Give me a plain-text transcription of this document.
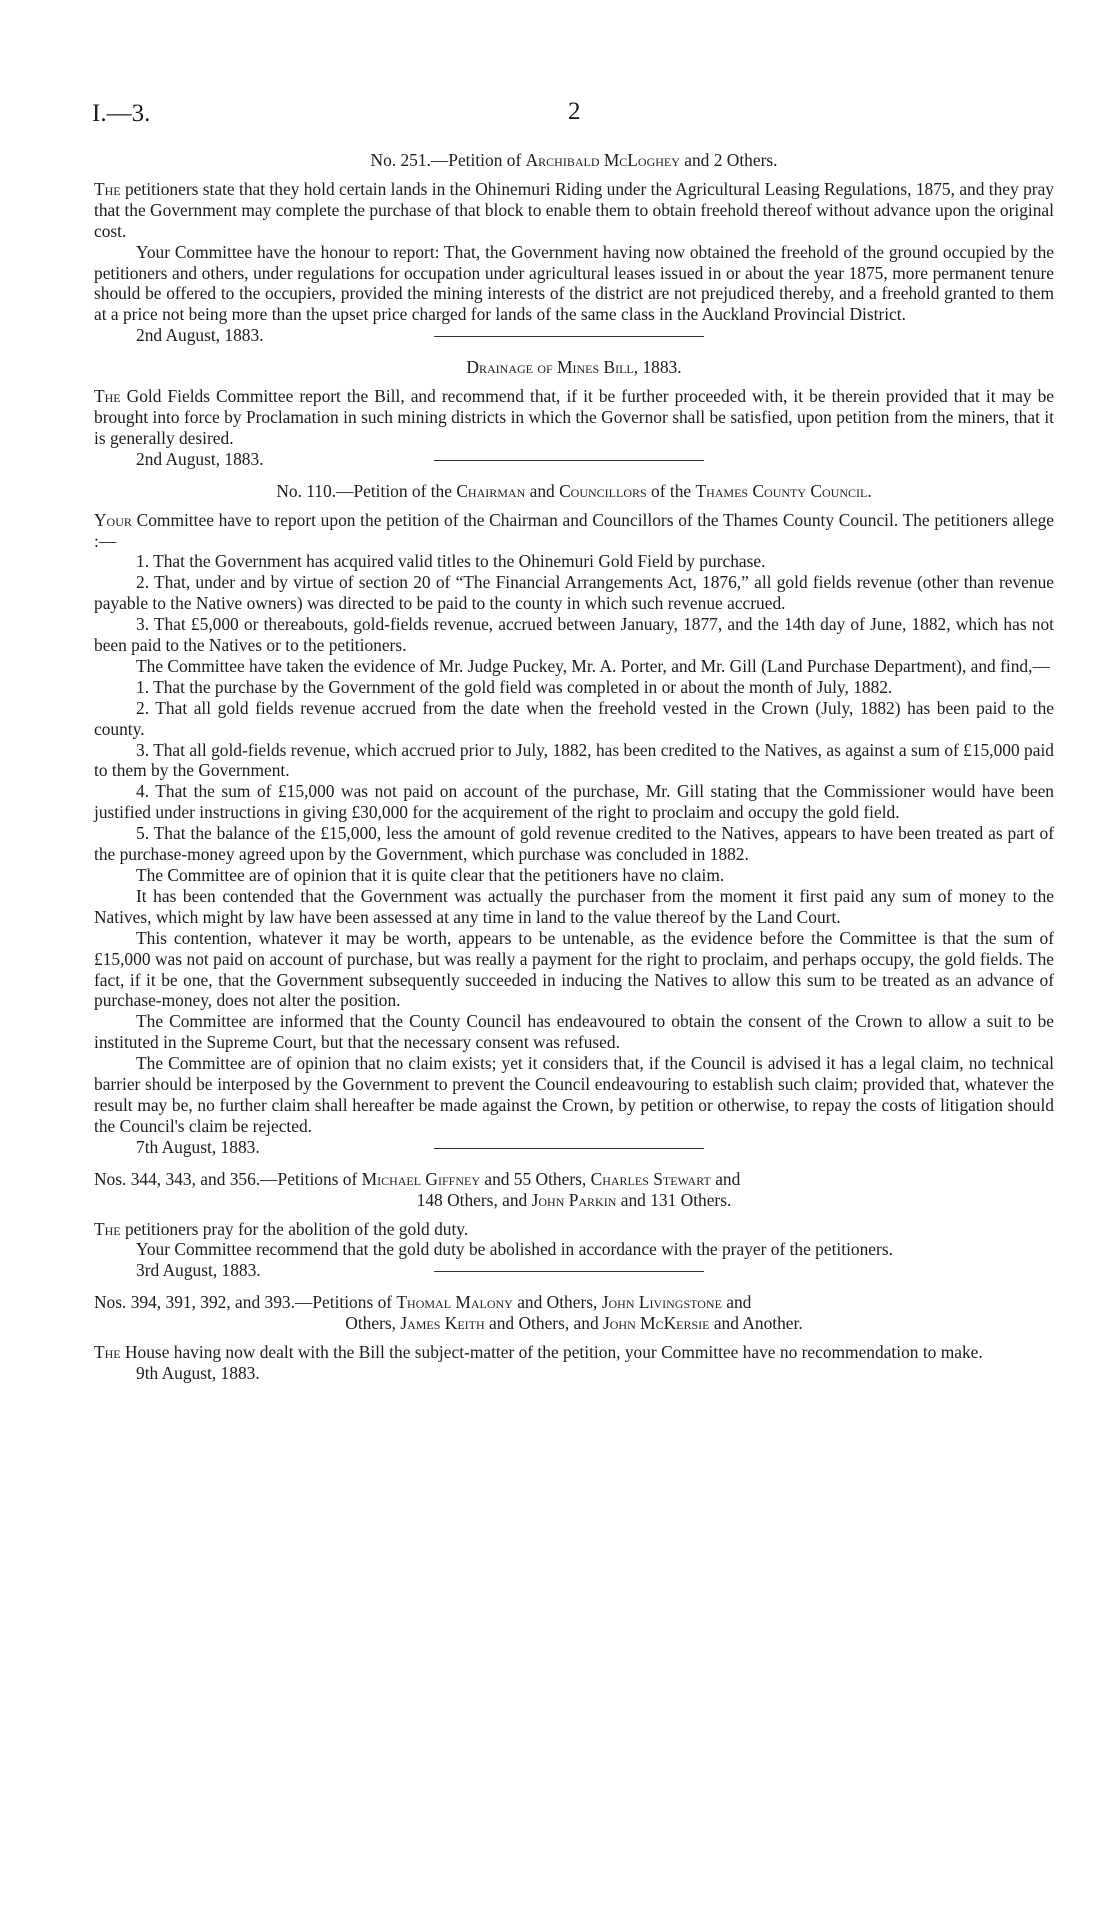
I.—3.	2
No. 251.—Petition of Archibald McLoghey and 2 Others.

The petitioners state that they hold certain lands in the Ohinemuri Riding under the Agricultural Leasing Regulations, 1875, and they pray that the Government may complete the purchase of that block to enable them to obtain freehold thereof without advance upon the original cost.

Your Committee have the honour to report: That, the Government having now obtained the freehold of the ground occupied by the petitioners and others, under regulations for occupation under agricultural leases issued in or about the year 1875, more permanent tenure should be offered to the occupiers, provided the mining interests of the district are not prejudiced thereby, and a freehold granted to them at a price not being more than the upset price charged for lands of the same class in the Auckland Provincial District.

2nd August, 1883.

Drainage of Mines Bill, 1883.

The Gold Fields Committee report the Bill, and recommend that, if it be further proceeded with, it be therein provided that it may be brought into force by Proclamation in such mining districts in which the Governor shall be satisfied, upon petition from the miners, that it is generally desired.

2nd August, 1883.

No. 110.—Petition of the Chairman and Councillors of the Thames County Council.

Your Committee have to report upon the petition of the Chairman and Councillors of the Thames County Council. The petitioners allege :—

1. That the Government has acquired valid titles to the Ohinemuri Gold Field by purchase.

2. That, under and by virtue of section 20 of “The Financial Arrangements Act, 1876,” all gold fields revenue (other than revenue payable to the Native owners) was directed to be paid to the county in which such revenue accrued.

3. That £5,000 or thereabouts, gold-fields revenue, accrued between January, 1877, and the 14th day of June, 1882, which has not been paid to the Natives or to the petitioners.

The Committee have taken the evidence of Mr. Judge Puckey, Mr. A. Porter, and Mr. Gill (Land Purchase Department), and find,—

1. That the purchase by the Government of the gold field was completed in or about the month of July, 1882.

2. That all gold fields revenue accrued from the date when the freehold vested in the Crown (July, 1882) has been paid to the county.

3. That all gold-fields revenue, which accrued prior to July, 1882, has been credited to the Natives, as against a sum of £15,000 paid to them by the Government.

4. That the sum of £15,000 was not paid on account of the purchase, Mr. Gill stating that the Commissioner would have been justified under instructions in giving £30,000 for the acquirement of the right to proclaim and occupy the gold field.

5. That the balance of the £15,000, less the amount of gold revenue credited to the Natives, appears to have been treated as part of the purchase-money agreed upon by the Government, which purchase was concluded in 1882.

The Committee are of opinion that it is quite clear that the petitioners have no claim.

It has been contended that the Government was actually the purchaser from the moment it first paid any sum of money to the Natives, which might by law have been assessed at any time in land to the value thereof by the Land Court.

This contention, whatever it may be worth, appears to be untenable, as the evidence before the Committee is that the sum of £15,000 was not paid on account of purchase, but was really a payment for the right to proclaim, and perhaps occupy, the gold fields. The fact, if it be one, that the Government subsequently succeeded in inducing the Natives to allow this sum to be treated as an advance of purchase-money, does not alter the position.

The Committee are informed that the County Council has endeavoured to obtain the consent of the Crown to allow a suit to be instituted in the Supreme Court, but that the necessary consent was refused.

The Committee are of opinion that no claim exists; yet it considers that, if the Council is advised it has a legal claim, no technical barrier should be interposed by the Government to prevent the Council endeavouring to establish such claim; provided that, whatever the result may be, no further claim shall hereafter be made against the Crown, by petition or otherwise, to repay the costs of litigation should the Council's claim be rejected.

7th August, 1883.

Nos. 344, 343, and 356.—Petitions of Michael Giffney and 55 Others, Charles Stewart and
148 Others, and John Parkin and 131 Others.

The petitioners pray for the abolition of the gold duty.

Your Committee recommend that the gold duty be abolished in accordance with the prayer of the petitioners.

3rd August, 1883.

Nos. 394, 391, 392, and 393.—Petitions of Thomal Malony and Others, John Livingstone and
Others, James Keith and Others, and John McKersie and Another.

The House having now dealt with the Bill the subject-matter of the petition, your Committee have no recommendation to make.

9th August, 1883.
